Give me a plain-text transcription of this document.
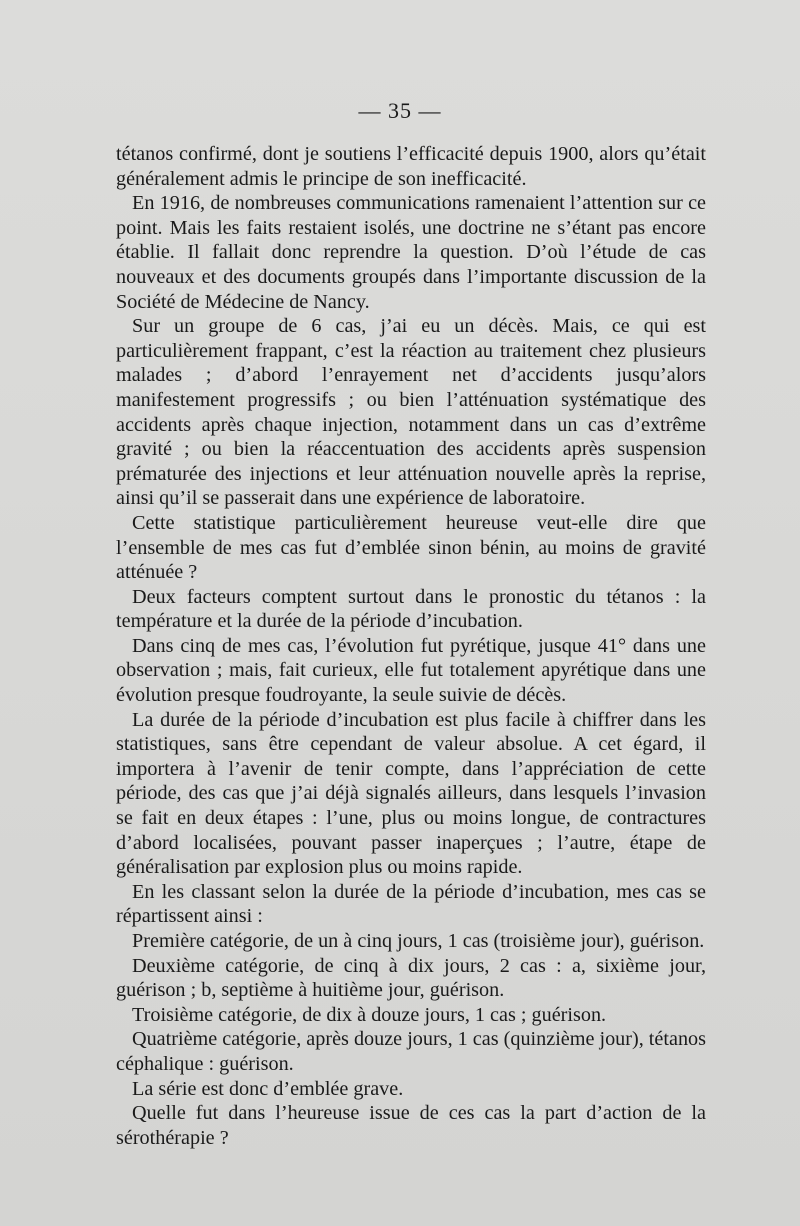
— 35 —

tétanos confirmé, dont je soutiens l’efficacité depuis 1900, alors qu’était généralement admis le principe de son inefficacité.

En 1916, de nombreuses communications ramenaient l’attention sur ce point. Mais les faits restaient isolés, une doctrine ne s’étant pas encore établie. Il fallait donc reprendre la question. D’où l’étude de cas nouveaux et des documents groupés dans l’importante discussion de la Société de Médecine de Nancy.

Sur un groupe de 6 cas, j’ai eu un décès. Mais, ce qui est particulièrement frappant, c’est la réaction au traitement chez plusieurs malades ; d’abord l’enrayement net d’accidents jusqu’alors manifestement progressifs ; ou bien l’atténuation systématique des accidents après chaque injection, notamment dans un cas d’extrême gravité ; ou bien la réaccentuation des accidents après suspension prématurée des injections et leur atténuation nouvelle après la reprise, ainsi qu’il se passerait dans une expérience de laboratoire.

Cette statistique particulièrement heureuse veut-elle dire que l’ensemble de mes cas fut d’emblée sinon bénin, au moins de gravité atténuée ?

Deux facteurs comptent surtout dans le pronostic du tétanos : la température et la durée de la période d’incubation.

Dans cinq de mes cas, l’évolution fut pyrétique, jusque 41° dans une observation ; mais, fait curieux, elle fut totalement apyrétique dans une évolution presque foudroyante, la seule suivie de décès.

La durée de la période d’incubation est plus facile à chiffrer dans les statistiques, sans être cependant de valeur absolue. A cet égard, il importera à l’avenir de tenir compte, dans l’appréciation de cette période, des cas que j’ai déjà signalés ailleurs, dans lesquels l’invasion se fait en deux étapes : l’une, plus ou moins longue, de contractures d’abord localisées, pouvant passer inaperçues ; l’autre, étape de généralisation par explosion plus ou moins rapide.

En les classant selon la durée de la période d’incubation, mes cas se répartissent ainsi :

Première catégorie, de un à cinq jours, 1 cas (troisième jour), guérison.

Deuxième catégorie, de cinq à dix jours, 2 cas : a, sixième jour, guérison ; b, septième à huitième jour, guérison.

Troisième catégorie, de dix à douze jours, 1 cas ; guérison.

Quatrième catégorie, après douze jours, 1 cas (quinzième jour), tétanos céphalique : guérison.

La série est donc d’emblée grave.

Quelle fut dans l’heureuse issue de ces cas la part d’action de la sérothérapie ?
